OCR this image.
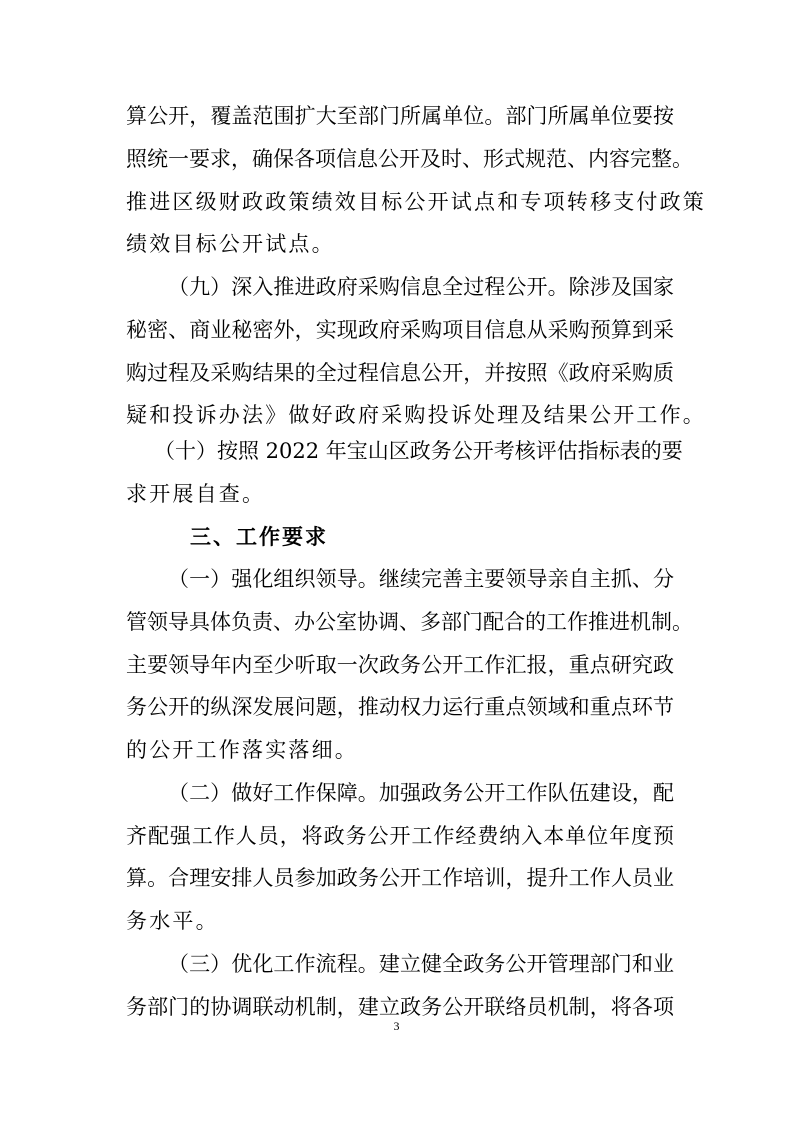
算公开，覆盖范围扩大至部门所属单位。部门所属单位要按
照统一要求，确保各项信息公开及时、形式规范、内容完整。
推进区级财政政策绩效目标公开试点和专项转移支付政策
绩效目标公开试点。
（九）深入推进政府采购信息全过程公开。除涉及国家
秘密、商业秘密外，实现政府采购项目信息从采购预算到采
购过程及采购结果的全过程信息公开，并按照《政府采购质
疑和投诉办法》做好政府采购投诉处理及结果公开工作。
（十）按照 2022 年宝山区政务公开考核评估指标表的要
求开展自查。
三、工作要求
（一）强化组织领导。继续完善主要领导亲自主抓、分
管领导具体负责、办公室协调、多部门配合的工作推进机制。
主要领导年内至少听取一次政务公开工作汇报，重点研究政
务公开的纵深发展问题，推动权力运行重点领域和重点环节
的公开工作落实落细。
（二）做好工作保障。加强政务公开工作队伍建设，配
齐配强工作人员，将政务公开工作经费纳入本单位年度预
算。合理安排人员参加政务公开工作培训，提升工作人员业
务水平。
（三）优化工作流程。建立健全政务公开管理部门和业
务部门的协调联动机制，建立政务公开联络员机制，将各项
3
